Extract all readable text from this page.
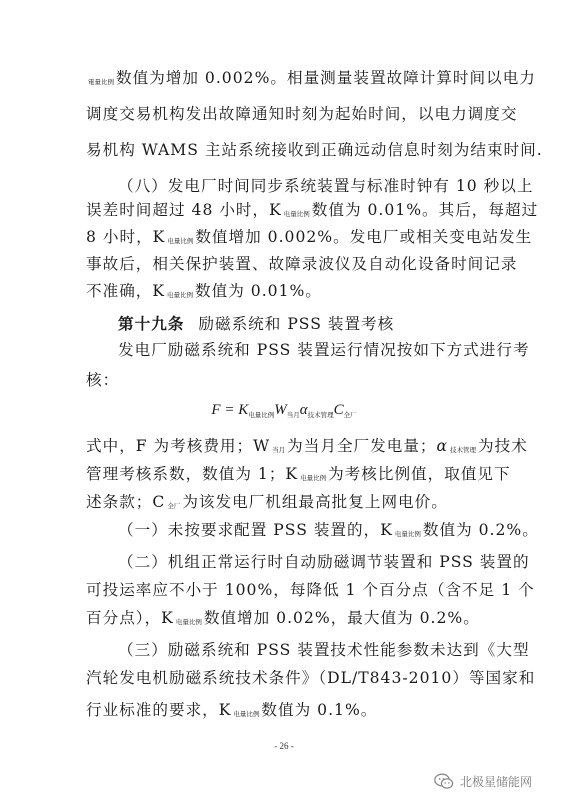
電量比例 数值为增加 0.002%。相量测量装置故障计算时间以电力
调度交易机构发出故障通知时刻为起始时间，以电力调度交
易机构 WAMS 主站系统接收到正确远动信息时刻为结束时间.
（八）发电厂时间同步系统装置与标准时钟有 10 秒以上
误差时间超过 48 小时，K 电量比例 数值为 0.01%。其后，每超过
8 小时，K 电量比例 数值增加 0.002%。发电厂或相关变电站发生
事故后，相关保护装置、故障录波仪及自动化设备时间记录
不准确，K 电量比例 数值为 0.01%。
第十九条 励磁系统和 PSS 装置考核
发电厂励磁系统和 PSS 装置运行情况按如下方式进行考
核：
$F = K_{电量比例}W_{当月}\alpha_{技术管理}C_{全厂}$
式中，F 为考核费用；W 当月 为当月全厂发电量；α 技术管理 为技术
管理考核系数，数值为 1；K 电量比例 为考核比例值，取值见下
述条款；C 全厂 为该发电厂机组最高批复上网电价。
（一）未按要求配置 PSS 装置的，K 电量比例 数值为 0.2%。
（二）机组正常运行时自动励磁调节装置和 PSS 装置的
可投运率应不小于 100%，每降低 1 个百分点（含不足 1 个
百分点），K 电量比例 数值增加 0.02%，最大值为 0.2%。
（三）励磁系统和 PSS 装置技术性能参数未达到《大型
汽轮发电机励磁系统技术条件》（DL/T843-2010）等国家和
行业标准的要求，K 电量比例 数值为 0.1%。
- 26 -
北极星储能网
